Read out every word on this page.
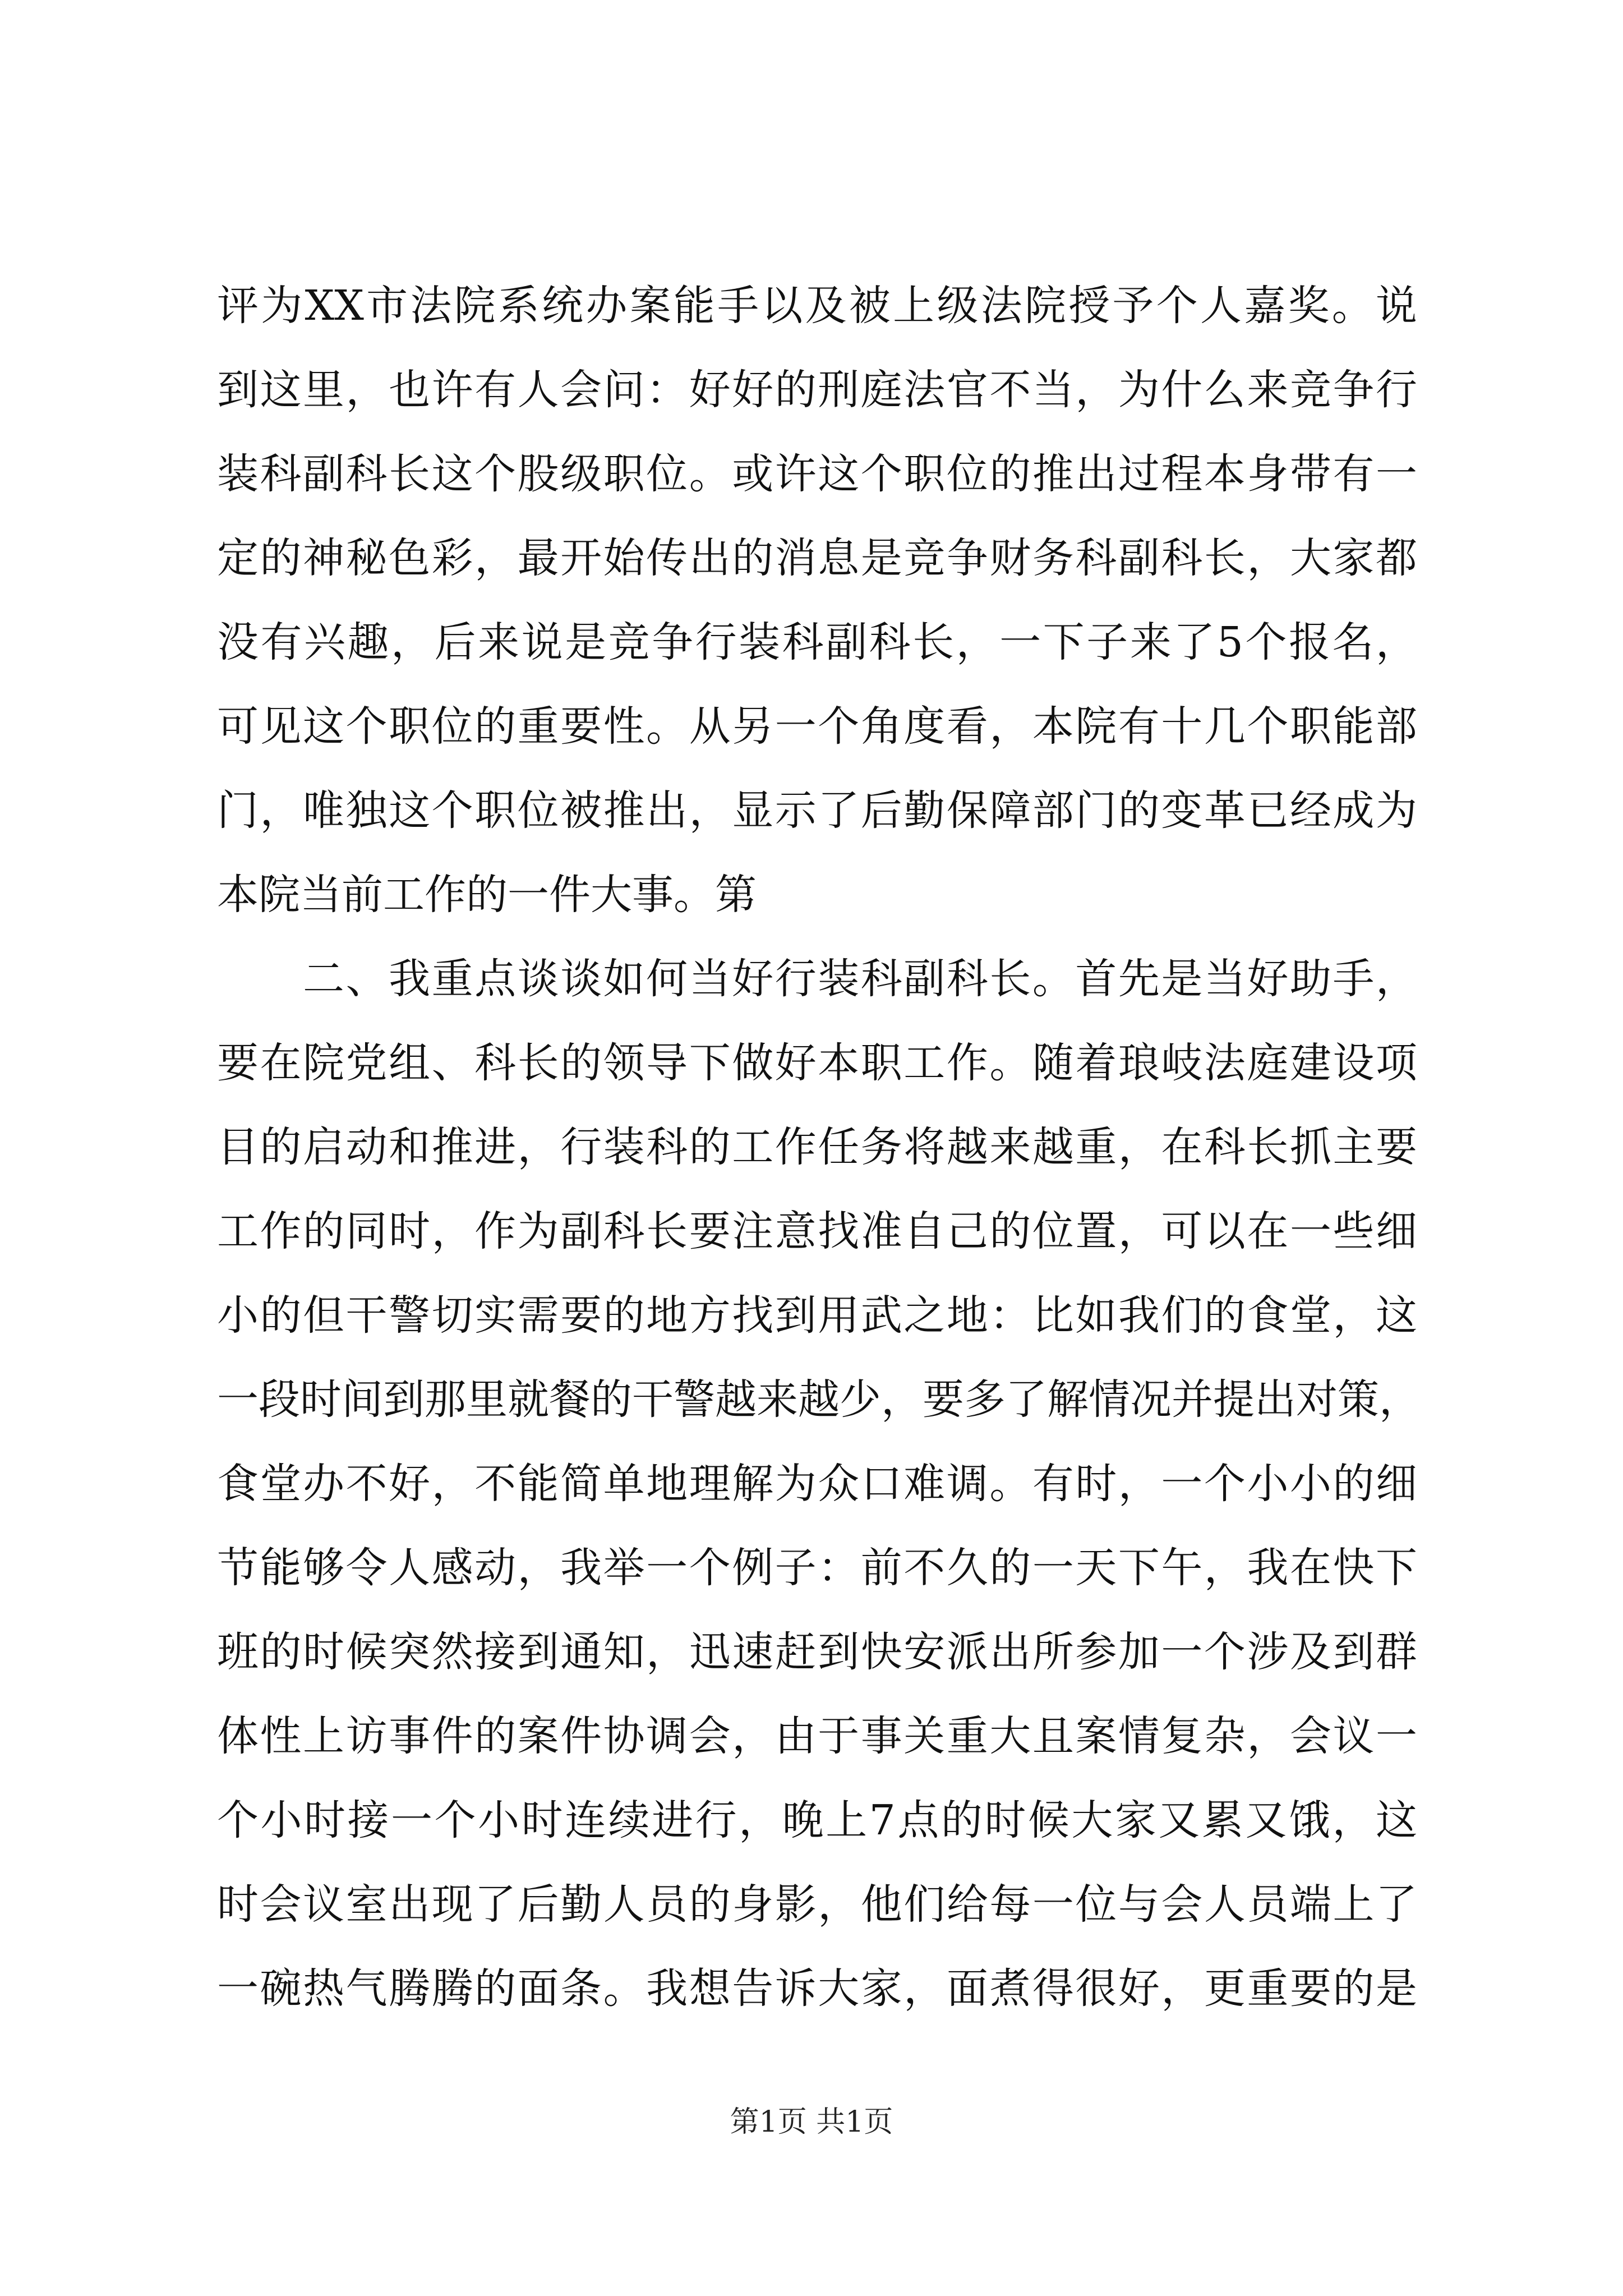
评为XX市法院系统办案能手以及被上级法院授予个人嘉奖。说
到这里，也许有人会问：好好的刑庭法官不当，为什么来竞争行
装科副科长这个股级职位。或许这个职位的推出过程本身带有一
定的神秘色彩，最开始传出的消息是竞争财务科副科长，大家都
没有兴趣，后来说是竞争行装科副科长，一下子来了5个报名，
可见这个职位的重要性。从另一个角度看，本院有十几个职能部
门，唯独这个职位被推出，显示了后勤保障部门的变革已经成为
本院当前工作的一件大事。第
　　二、我重点谈谈如何当好行装科副科长。首先是当好助手，
要在院党组、科长的领导下做好本职工作。随着琅岐法庭建设项
目的启动和推进，行装科的工作任务将越来越重，在科长抓主要
工作的同时，作为副科长要注意找准自己的位置，可以在一些细
小的但干警切实需要的地方找到用武之地：比如我们的食堂，这
一段时间到那里就餐的干警越来越少，要多了解情况并提出对策，
食堂办不好，不能简单地理解为众口难调。有时，一个小小的细
节能够令人感动，我举一个例子：前不久的一天下午，我在快下
班的时候突然接到通知，迅速赶到快安派出所参加一个涉及到群
体性上访事件的案件协调会，由于事关重大且案情复杂，会议一
个小时接一个小时连续进行，晚上7点的时候大家又累又饿，这
时会议室出现了后勤人员的身影，他们给每一位与会人员端上了
一碗热气腾腾的面条。我想告诉大家，面煮得很好，更重要的是
第1页 共1页
